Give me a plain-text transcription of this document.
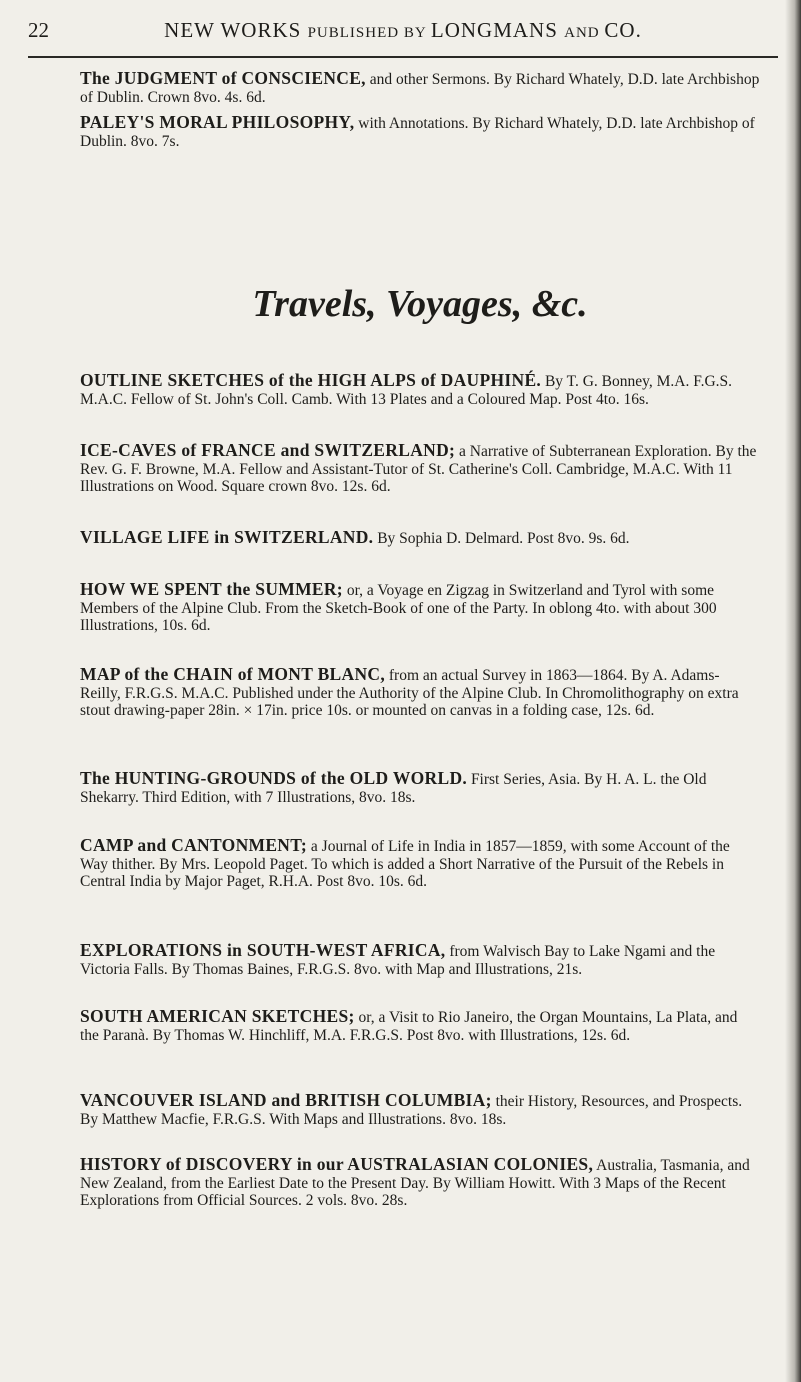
22	NEW WORKS PUBLISHED BY LONGMANS AND CO.

The JUDGMENT of CONSCIENCE, and other Sermons. By Richard Whately, D.D. late Archbishop of Dublin. Crown 8vo. 4s. 6d.

PALEY'S MORAL PHILOSOPHY, with Annotations. By Richard Whately, D.D. late Archbishop of Dublin. 8vo. 7s.

Travels, Voyages, &c.

OUTLINE SKETCHES of the HIGH ALPS of DAUPHINÉ. By T. G. Bonney, M.A. F.G.S. M.A.C. Fellow of St. John's Coll. Camb. With 13 Plates and a Coloured Map. Post 4to. 16s.

ICE-CAVES of FRANCE and SWITZERLAND; a Narrative of Subterranean Exploration. By the Rev. G. F. Browne, M.A. Fellow and Assistant-Tutor of St. Catherine's Coll. Cambridge, M.A.C. With 11 Illustrations on Wood. Square crown 8vo. 12s. 6d.

VILLAGE LIFE in SWITZERLAND. By Sophia D. Delmard. Post 8vo. 9s. 6d.

HOW WE SPENT the SUMMER; or, a Voyage en Zigzag in Switzerland and Tyrol with some Members of the Alpine Club. From the Sketch-Book of one of the Party. In oblong 4to. with about 300 Illustrations, 10s. 6d.

MAP of the CHAIN of MONT BLANC, from an actual Survey in 1863—1864. By A. Adams-Reilly, F.R.G.S. M.A.C. Published under the Authority of the Alpine Club. In Chromolithography on extra stout drawing-paper 28in. × 17in. price 10s. or mounted on canvas in a folding case, 12s. 6d.

The HUNTING-GROUNDS of the OLD WORLD. First Series, Asia. By H. A. L. the Old Shekarry. Third Edition, with 7 Illustrations, 8vo. 18s.

CAMP and CANTONMENT; a Journal of Life in India in 1857—1859, with some Account of the Way thither. By Mrs. Leopold Paget. To which is added a Short Narrative of the Pursuit of the Rebels in Central India by Major Paget, R.H.A. Post 8vo. 10s. 6d.

EXPLORATIONS in SOUTH-WEST AFRICA, from Walvisch Bay to Lake Ngami and the Victoria Falls. By Thomas Baines, F.R.G.S. 8vo. with Map and Illustrations, 21s.

SOUTH AMERICAN SKETCHES; or, a Visit to Rio Janeiro, the Organ Mountains, La Plata, and the Paranà. By Thomas W. Hinchliff, M.A. F.R.G.S. Post 8vo. with Illustrations, 12s. 6d.

VANCOUVER ISLAND and BRITISH COLUMBIA; their History, Resources, and Prospects. By Matthew Macfie, F.R.G.S. With Maps and Illustrations. 8vo. 18s.

HISTORY of DISCOVERY in our AUSTRALASIAN COLONIES, Australia, Tasmania, and New Zealand, from the Earliest Date to the Present Day. By William Howitt. With 3 Maps of the Recent Explorations from Official Sources. 2 vols. 8vo. 28s.
